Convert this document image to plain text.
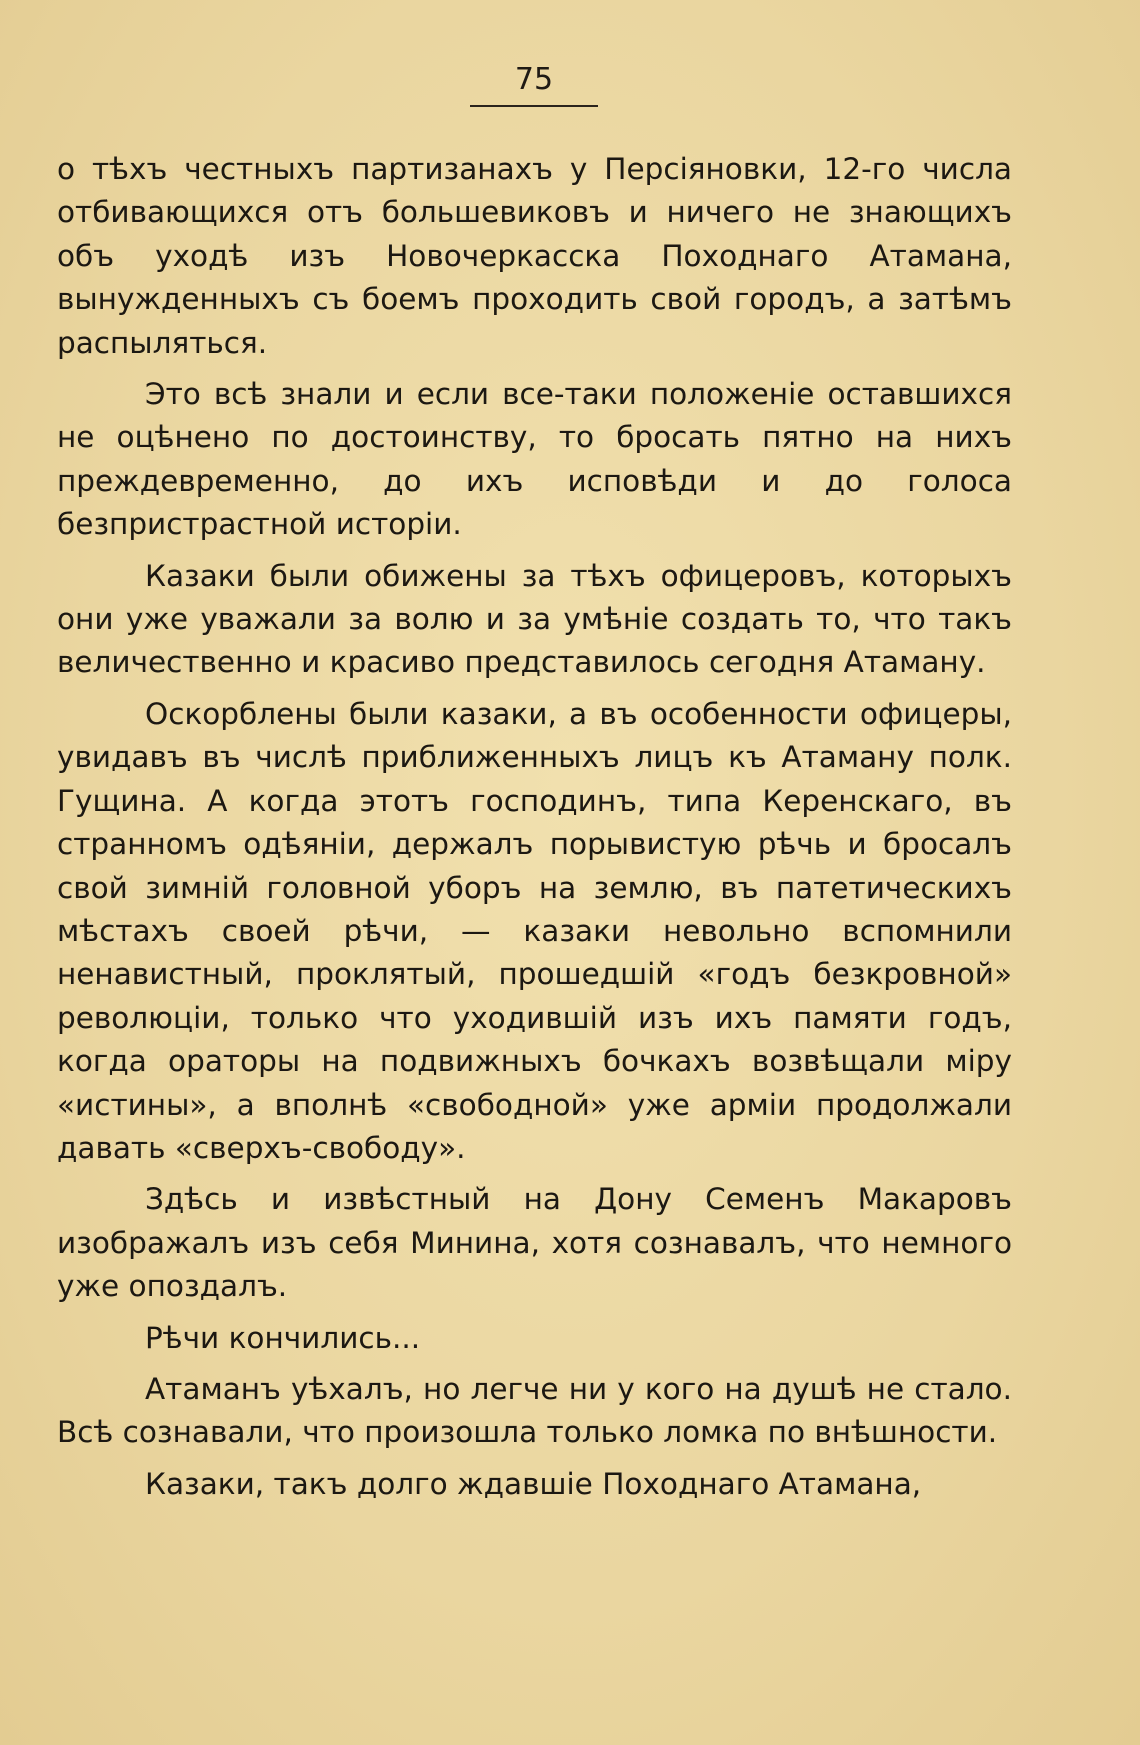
75

о тѣхъ честныхъ партизанахъ у Персіяновки, 12-го числа отбивающихся отъ большевиковъ и ничего не знающихъ объ уходѣ изъ Новочеркасска Походнаго Атамана, вынужденныхъ съ боемъ проходить свой городъ, а затѣмъ распыляться.

Это всѣ знали и если все-таки положеніе оставшихся не оцѣнено по достоинству, то бросать пятно на нихъ преждевременно, до ихъ исповѣди и до голоса безпристрастной исторіи.

Казаки были обижены за тѣхъ офицеровъ, которыхъ они уже уважали за волю и за умѣніе создать то, что такъ величественно и красиво представилось сегодня Атаману.

Оскорблены были казаки, а въ особенности офицеры, увидавъ въ числѣ приближенныхъ лицъ къ Атаману полк. Гущина. А когда этотъ господинъ, типа Керенскаго, въ странномъ одѣяніи, держалъ порывистую рѣчь и бросалъ свой зимній головной уборъ на землю, въ патетическихъ мѣстахъ своей рѣчи, — казаки невольно вспомнили ненавистный, проклятый, прошедшій «годъ безкровной» революціи, только что уходившій изъ ихъ памяти годъ, когда ораторы на подвижныхъ бочкахъ возвѣщали міру «истины», а вполнѣ «свободной» уже арміи продолжали давать «сверхъ-свободу».

Здѣсь и извѣстный на Дону Семенъ Макаровъ изображалъ изъ себя Минина, хотя сознавалъ, что немного уже опоздалъ.

Рѣчи кончились...

Атаманъ уѣхалъ, но легче ни у кого на душѣ не стало. Всѣ сознавали, что произошла только ломка по внѣшности.

Казаки, такъ долго ждавшіе Походнаго Атамана,
